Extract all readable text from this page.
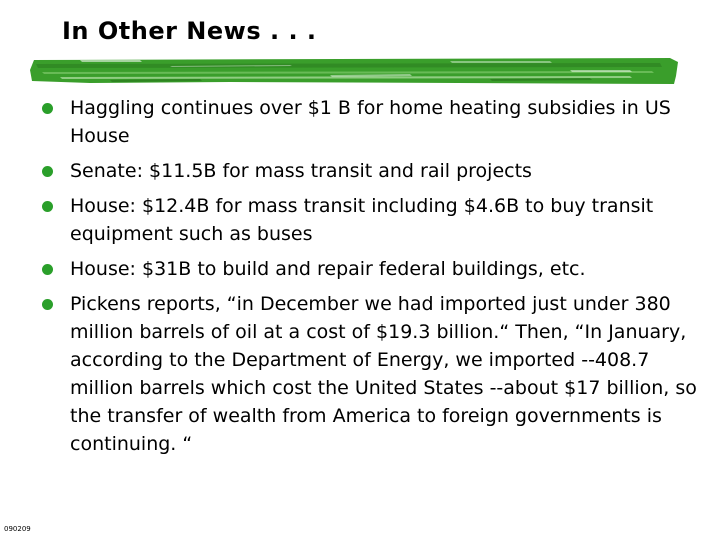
In Other News . . .
Haggling continues over $1 B for home heating subsidies in US House
Senate: $11.5B for mass transit and rail projects
House: $12.4B for mass transit including $4.6B to buy transit equipment such as buses
House: $31B to build and repair federal buildings, etc.
Pickens reports, “in December we had imported just under 380 million barrels of oil at a cost of $19.3 billion.“ Then, “In January, according to the Department of Energy, we imported --408.7 million barrels which cost the United States --about $17 billion, so the transfer of wealth from America to foreign governments is continuing. “
090209
